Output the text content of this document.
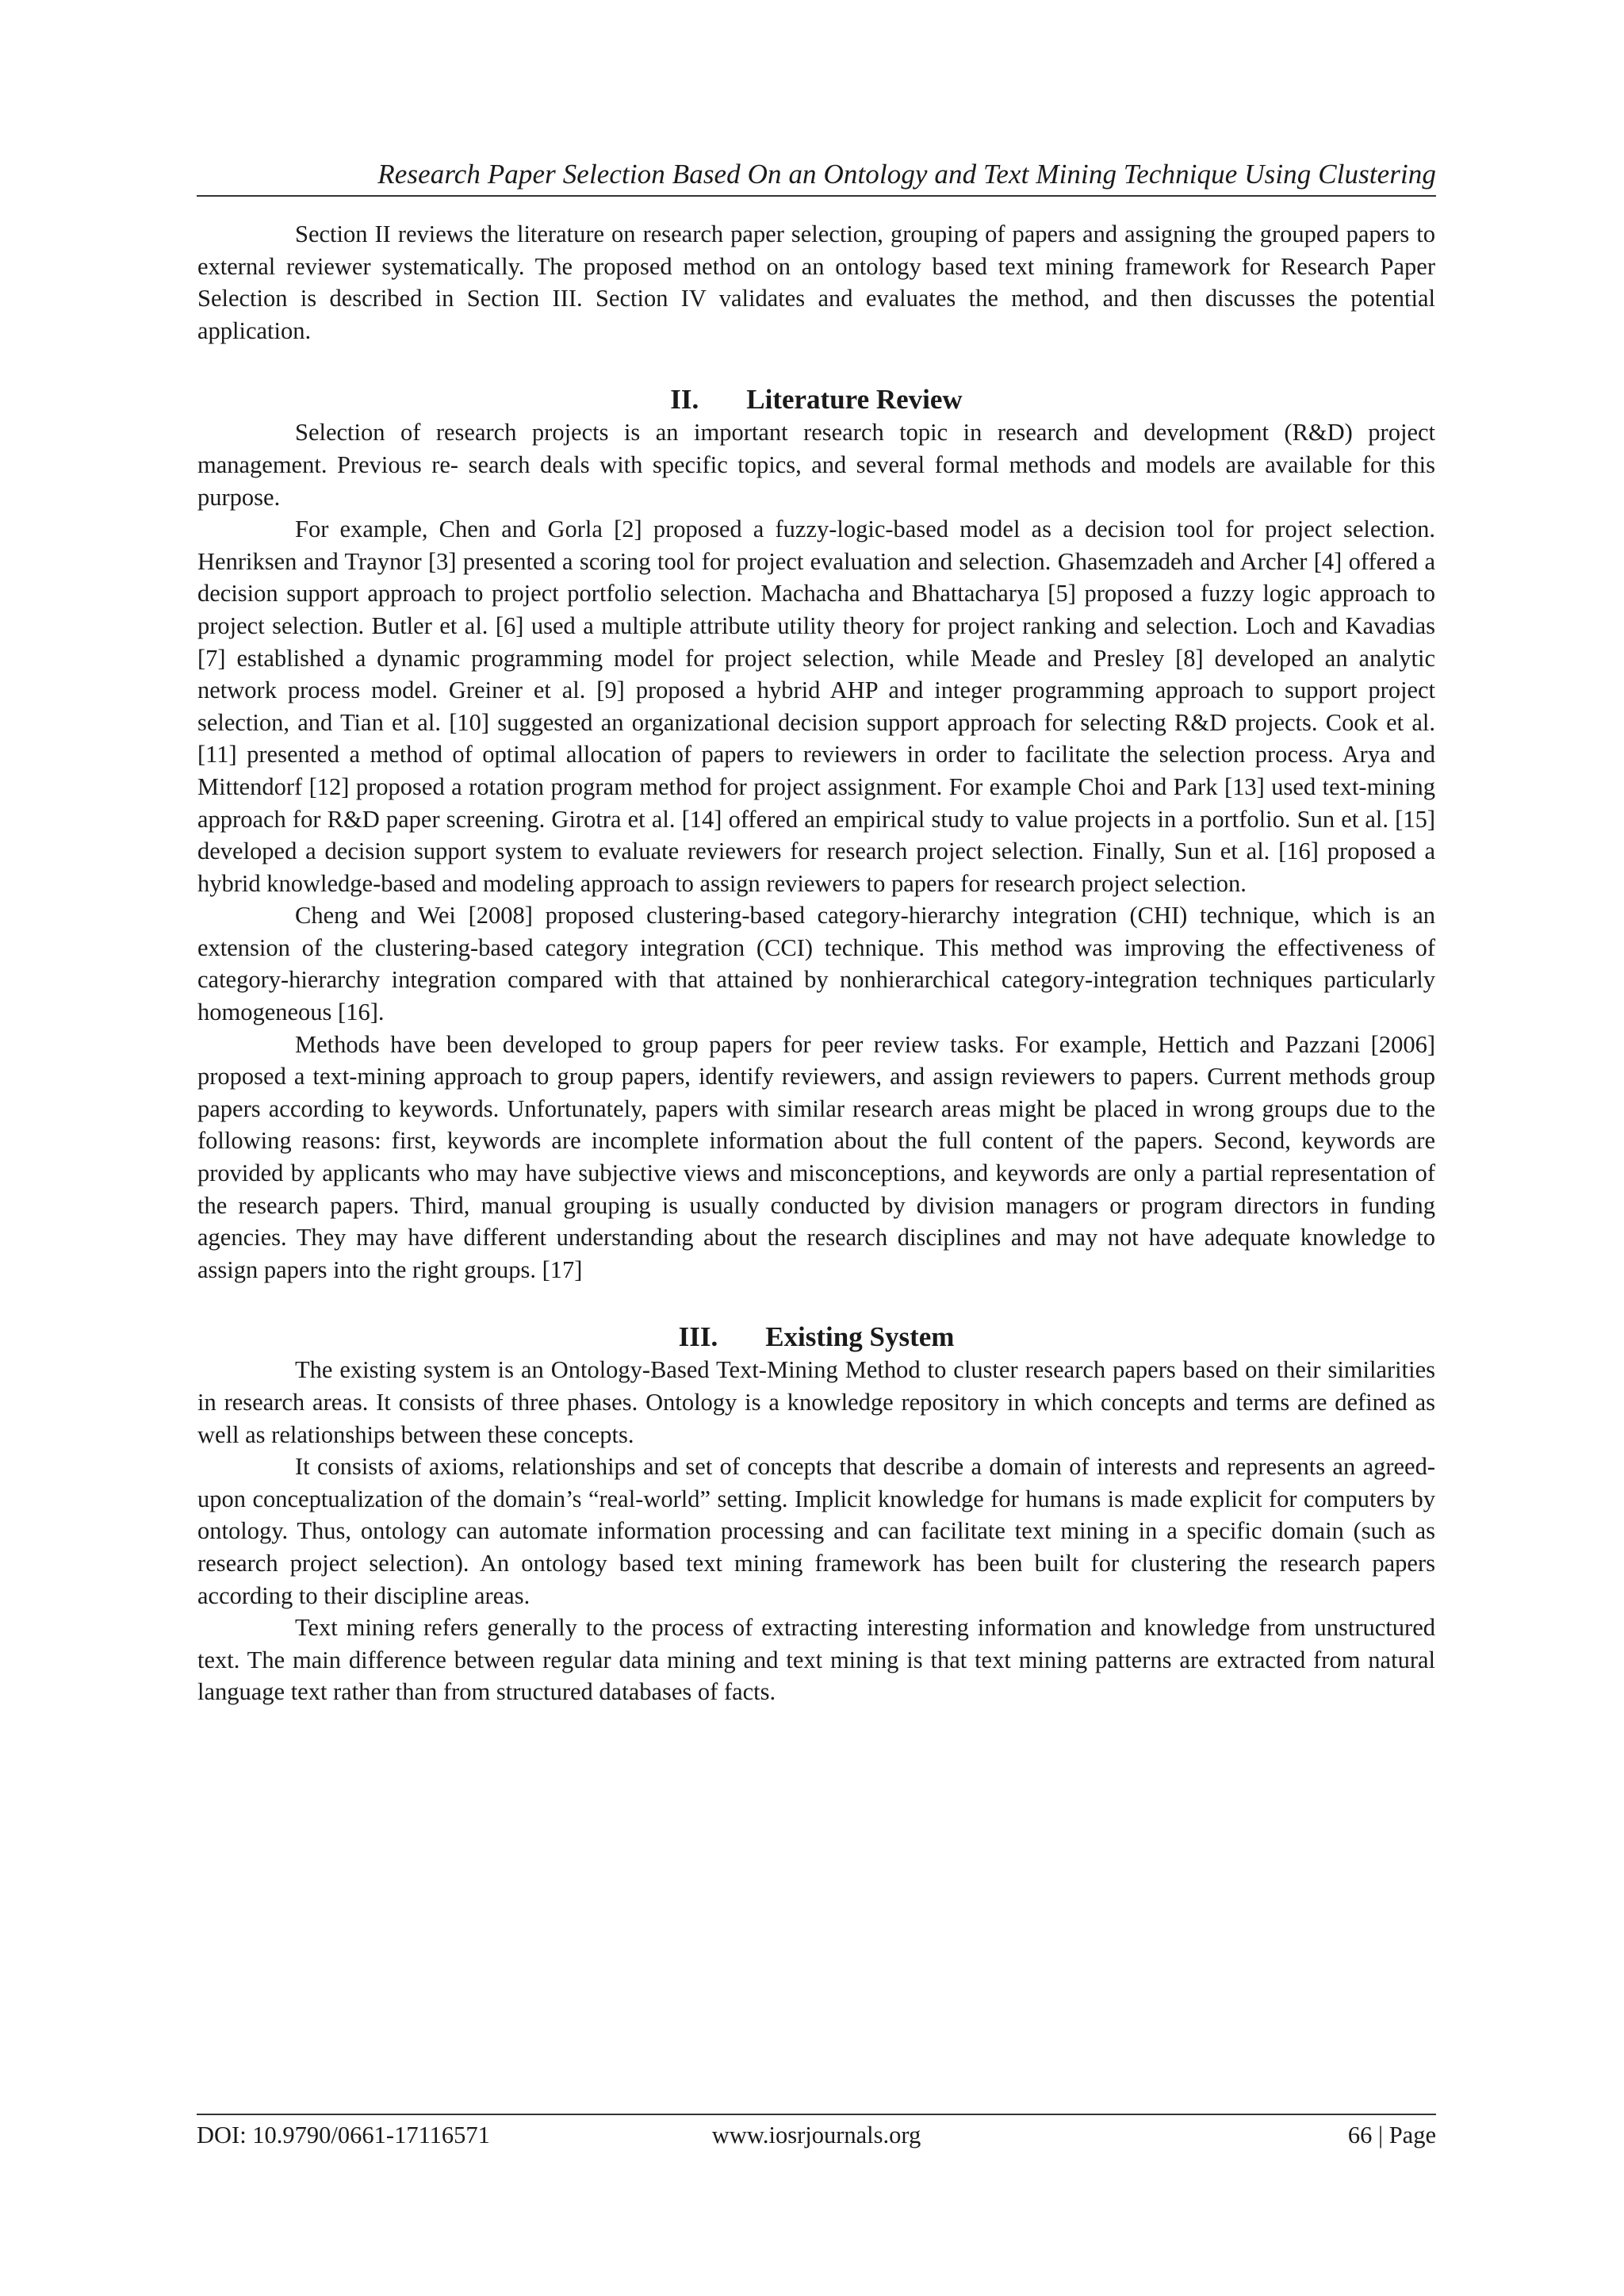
Research Paper Selection Based On an Ontology and Text Mining Technique Using Clustering

Section II reviews the literature on research paper selection, grouping of papers and assigning the grouped papers to external reviewer systematically. The proposed method on an ontology based text mining framework for Research Paper Selection is described in Section III. Section IV validates and evaluates the method, and then discusses the potential application.

II. Literature Review

Selection of research projects is an important research topic in research and development (R&D) project management. Previous re- search deals with specific topics, and several formal methods and models are available for this purpose.

For example, Chen and Gorla [2] proposed a fuzzy-logic-based model as a decision tool for project selection. Henriksen and Traynor [3] presented a scoring tool for project evaluation and selection. Ghasemzadeh and Archer [4] offered a decision support approach to project portfolio selection. Machacha and Bhattacharya [5] proposed a fuzzy logic approach to project selection. Butler et al. [6] used a multiple attribute utility theory for project ranking and selection. Loch and Kavadias [7] established a dynamic programming model for project selection, while Meade and Presley [8] developed an analytic network process model. Greiner et al. [9] proposed a hybrid AHP and integer programming approach to support project selection, and Tian et al. [10] suggested an organizational decision support approach for selecting R&D projects. Cook et al. [11] presented a method of optimal allocation of papers to reviewers in order to facilitate the selection process. Arya and Mittendorf [12] proposed a rotation program method for project assignment. For example Choi and Park [13] used text-mining approach for R&D paper screening. Girotra et al. [14] offered an empirical study to value projects in a portfolio. Sun et al. [15] developed a decision support system to evaluate reviewers for research project selection. Finally, Sun et al. [16] proposed a hybrid knowledge-based and modeling approach to assign reviewers to papers for research project selection.

Cheng and Wei [2008] proposed clustering-based category-hierarchy integration (CHI) technique, which is an extension of the clustering-based category integration (CCI) technique. This method was improving the effectiveness of category-hierarchy integration compared with that attained by nonhierarchical category-integration techniques particularly homogeneous [16].

Methods have been developed to group papers for peer review tasks. For example, Hettich and Pazzani [2006] proposed a text-mining approach to group papers, identify reviewers, and assign reviewers to papers. Current methods group papers according to keywords. Unfortunately, papers with similar research areas might be placed in wrong groups due to the following reasons: first, keywords are incomplete information about the full content of the papers. Second, keywords are provided by applicants who may have subjective views and misconceptions, and keywords are only a partial representation of the research papers. Third, manual grouping is usually conducted by division managers or program directors in funding agencies. They may have different understanding about the research disciplines and may not have adequate knowledge to assign papers into the right groups. [17]

III. Existing System

The existing system is an Ontology-Based Text-Mining Method to cluster research papers based on their similarities in research areas. It consists of three phases. Ontology is a knowledge repository in which concepts and terms are defined as well as relationships between these concepts.

It consists of axioms, relationships and set of concepts that describe a domain of interests and represents an agreed-upon conceptualization of the domain’s “real-world” setting. Implicit knowledge for humans is made explicit for computers by ontology. Thus, ontology can automate information processing and can facilitate text mining in a specific domain (such as research project selection). An ontology based text mining framework has been built for clustering the research papers according to their discipline areas.

Text mining refers generally to the process of extracting interesting information and knowledge from unstructured text. The main difference between regular data mining and text mining is that text mining patterns are extracted from natural language text rather than from structured databases of facts.

DOI: 10.9790/0661-17116571	www.iosrjournals.org	66 | Page
